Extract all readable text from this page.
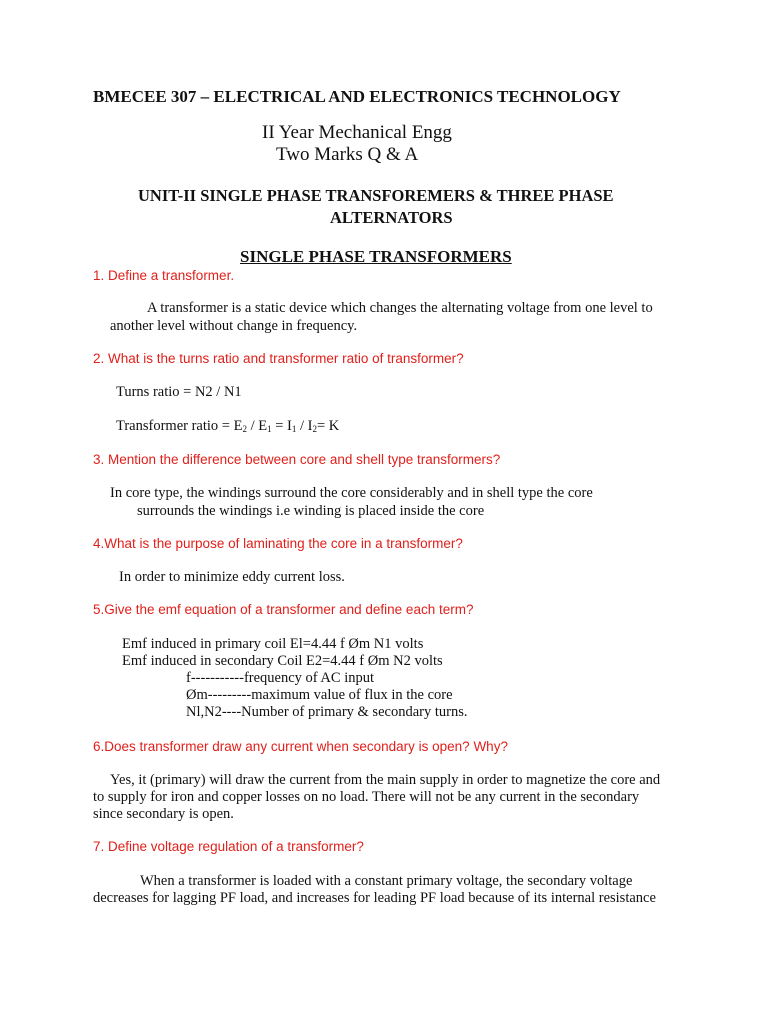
BMECEE 307 – ELECTRICAL AND ELECTRONICS TECHNOLOGY
II Year Mechanical Engg
Two Marks Q & A
UNIT-II SINGLE PHASE TRANSFOREMERS & THREE PHASE
ALTERNATORS
SINGLE PHASE TRANSFORMERS
1. Define a transformer.
A transformer is a static device which changes the alternating voltage from one level to
another level without change in frequency.
2. What is the turns ratio and transformer ratio of transformer?
Turns ratio = N2 / N1
Transformer ratio = $E_2 / E_1 = I_1 / I_2= K$
3. Mention the difference between core and shell type transformers?
In core type, the windings surround the core considerably and in shell type the core
surrounds the windings i.e winding is placed inside the core
4.What is the purpose of laminating the core in a transformer?
In order to minimize eddy current loss.
5.Give the emf equation of a transformer and define each term?
Emf induced in primary coil El=4.44 f Øm N1 volts
Emf induced in secondary Coil E2=4.44 f Øm N2 volts
f-----------frequency of AC input
Øm---------maximum value of flux in the core
Nl,N2----Number of primary & secondary turns.
6.Does transformer draw any current when secondary is open? Why?
Yes, it (primary) will draw the current from the main supply in order to magnetize the core and
to supply for iron and copper losses on no load. There will not be any current in the secondary
since secondary is open.
7. Define voltage regulation of a transformer?
When a transformer is loaded with a constant primary voltage, the secondary voltage
decreases for lagging PF load, and increases for leading PF load because of its internal resistance
